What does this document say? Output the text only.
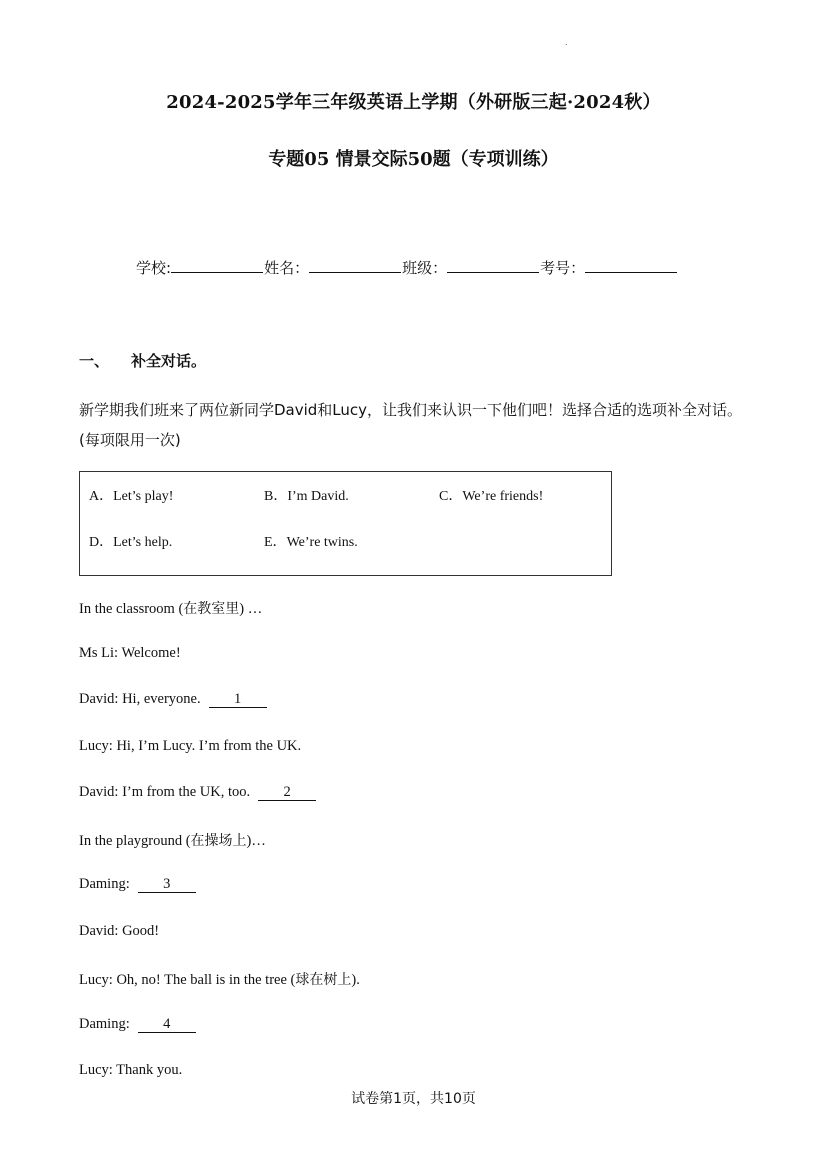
.
2024-2025学年三年级英语上学期（外研版三起·2024秋）
专题05 情景交际50题（专项训练）
学校:	姓名：	班级：	考号：
一、 补全对话。
新学期我们班来了两位新同学David和Lucy，让我们来认识一下他们吧！选择合适的选项补全对话。(每项限用一次)
A．Let’s play!	B．I’m David.	C．We’re friends!
D．Let’s help.	E．We’re twins.
In the classroom (在教室里) …
Ms Li: Welcome!
David: Hi, everyone. 1
Lucy: Hi, I’m Lucy. I’m from the UK.
David: I’m from the UK, too. 2
In the playground (在操场上)…
Daming: 3
David: Good!
Lucy: Oh, no! The ball is in the tree (球在树上).
Daming: 4
Lucy: Thank you.
试卷第1页，共10页
